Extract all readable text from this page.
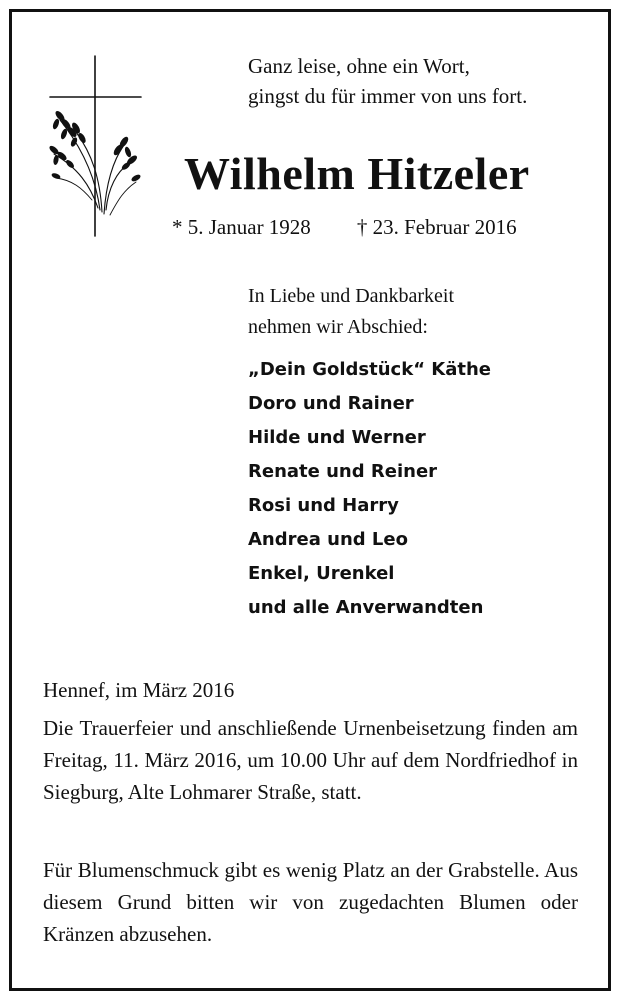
Ganz leise, ohne ein Wort,
gingst du für immer von uns fort.
Wilhelm Hitzeler
* 5. Januar 1928 † 23. Februar 2016
In Liebe und Dankbarkeit
nehmen wir Abschied:
„Dein Goldstück“ Käthe
Doro und Rainer
Hilde und Werner
Renate und Reiner
Rosi und Harry
Andrea und Leo
Enkel, Urenkel
und alle Anverwandten
Hennef, im März 2016
Die Trauerfeier und anschließende Urnenbeisetzung finden am Freitag, 11. März 2016, um 10.00 Uhr auf dem Nordfriedhof in Siegburg, Alte Lohmarer Straße, statt.
Für Blumenschmuck gibt es wenig Platz an der Grabstelle. Aus diesem Grund bitten wir von zugedachten Blumen oder Kränzen abzusehen.
